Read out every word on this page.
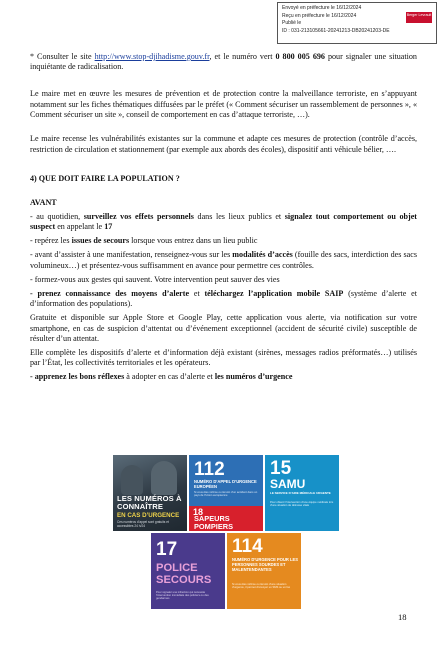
Envoyé en préfecture le 16/12/2024
Reçu en préfecture le 16/12/2024
Publié le
ID : 031-213105661-20241213-DB20241203-DE
Berger Levrault

* Consulter le site http://www.stop-djihadisme.gouv.fr, et le numéro vert 0 800 005 696 pour signaler une situation inquiétante de radicalisation.

Le maire met en œuvre les mesures de prévention et de protection contre la malveillance terroriste, en s’appuyant notamment sur les fiches thématiques diffusées par le préfet (« Comment sécuriser un rassemblement de personnes », « Comment sécuriser un site », conseil de comportement en cas d’attaque terroriste, …).

Le maire recense les vulnérabilités existantes sur la commune et adapte ces mesures de protection (contrôle d’accès, restriction de circulation et stationnement (par exemple aux abords des écoles), dispositif anti véhicule bélier, ….

4) QUE DOIT FAIRE LA POPULATION ?

AVANT

- au quotidien, surveillez vos effets personnels dans les lieux publics et signalez tout comportement ou objet suspect en appelant le 17

- repérez les issues de secours lorsque vous entrez dans un lieu public

- avant d’assister à une manifestation, renseignez-vous sur les modalités d’accès (fouille des sacs, interdiction des sacs volumineux…) et présentez-vous suffisamment en avance pour permettre ces contrôles.

- formez-vous aux gestes qui sauvent. Votre intervention peut sauver des vies

- prenez connaissance des moyens d’alerte et téléchargez l’application mobile SAIP (système d’alerte et d’information des populations).

Gratuite et disponible sur Apple Store et Google Play, cette application vous alerte, via notification sur votre smartphone, en cas de suspicion d’attentat ou d’événement exceptionnel (accident de sécurité civile) susceptible de résulter d’un attentat.

Elle complète les dispositifs d’alerte et d’information déjà existant (sirènes, messages radios préformatés…) utilisés par l’État, les collectivités territoriales et les opérateurs.

- apprenez les bons réflexes à adopter en cas d’alerte et les numéros d’urgence

LES NUMÉROS À CONNAÎTRE
EN CAS D’URGENCE
Ces numéros d’appel sont gratuits et accessibles 24 h/24
112
NUMÉRO D’APPEL D’URGENCE EUROPÉEN
Si vous êtes victime ou témoin d’un accident dans un pays de l’Union européenne
18
SAPEURS POMPIERS
15
SAMU
LE SERVICE D’AIDE MÉDICALE URGENTE
Pour obtenir l’intervention d’une équipe médicale lors d’une situation de détresse vitale
17
POLICE SECOURS
Pour signaler une infraction qui nécessite l’intervention immédiate des policiers ou des gendarmes
114
NUMÉRO D’URGENCE POUR LES PERSONNES SOURDES ET MALENTENDANTES
Si vous êtes victime ou témoin d’une situation d’urgence, il permet d’envoyer un SMS ou un fax
18
